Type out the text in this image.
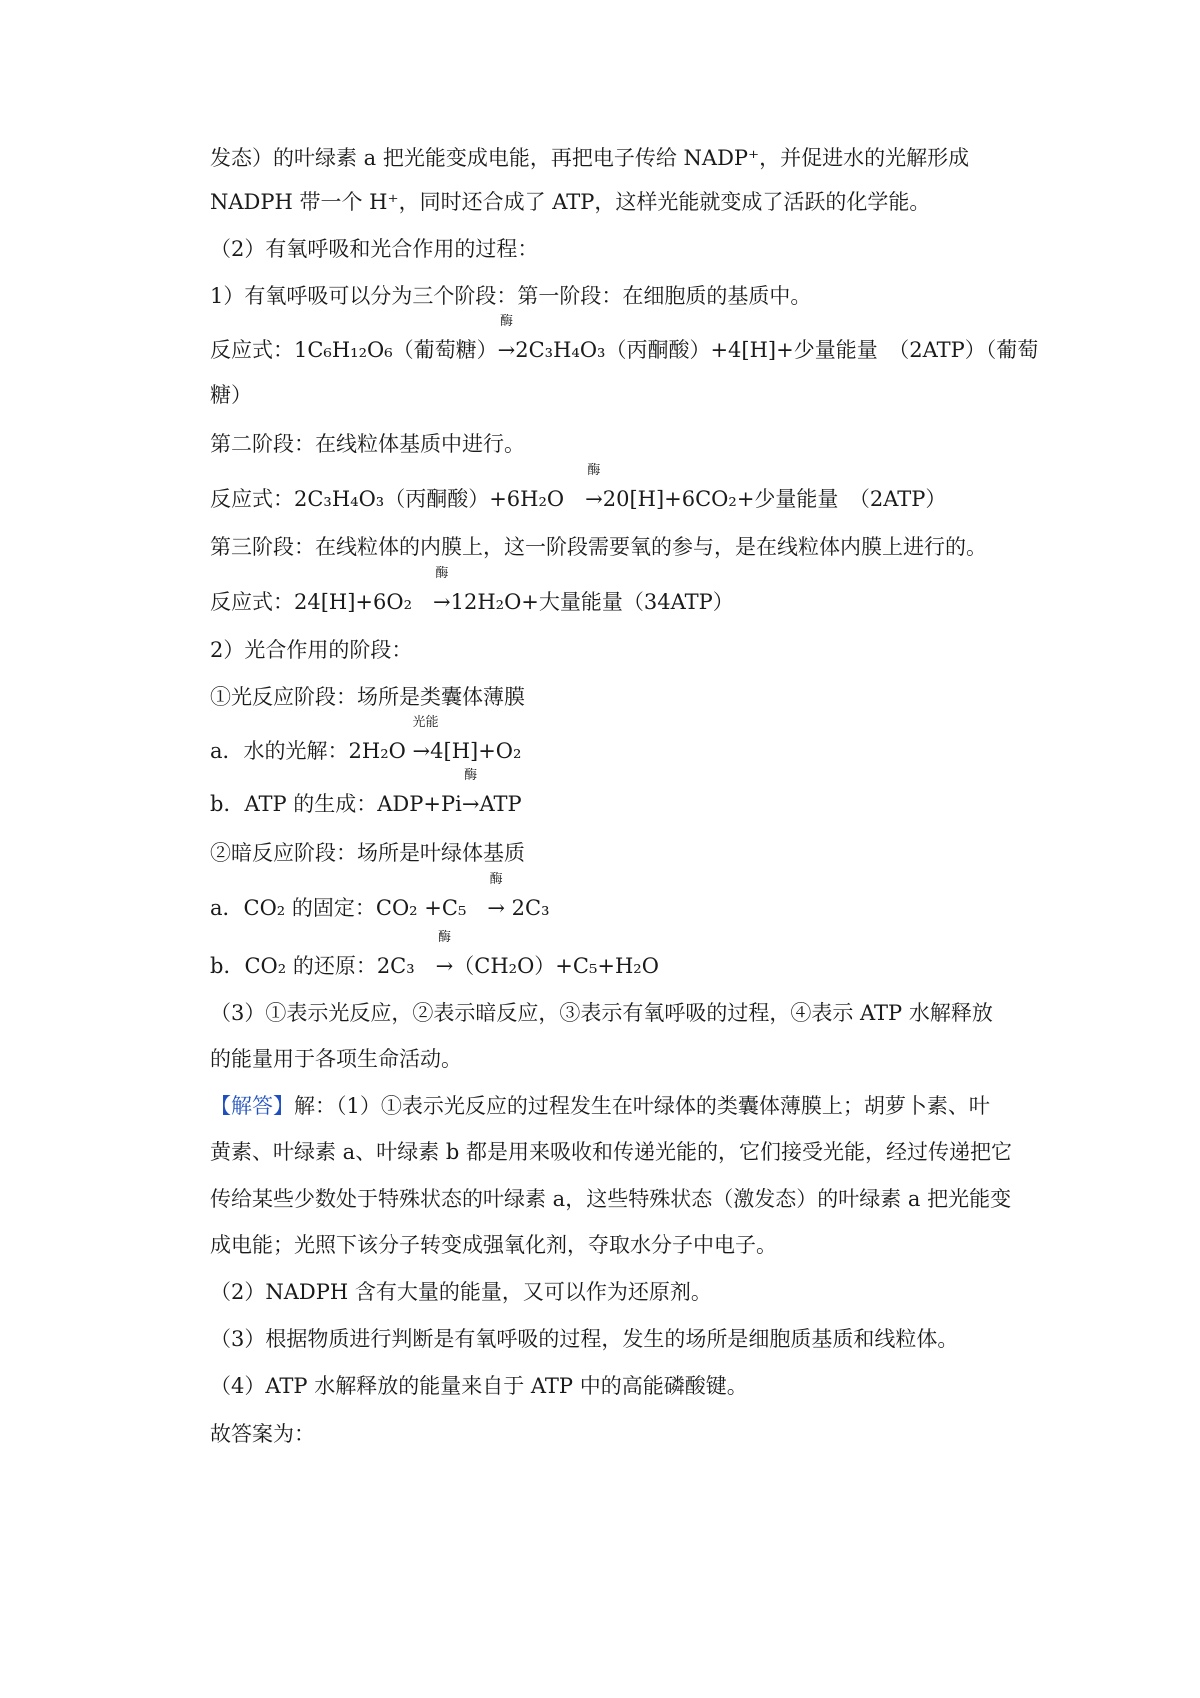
发态）的叶绿素 a 把光能变成电能，再把电子传给 NADP⁺，并促进水的光解形成
NADPH 带一个 H⁺，同时还合成了 ATP，这样光能就变成了活跃的化学能。
（2）有氧呼吸和光合作用的过程：
1）有氧呼吸可以分为三个阶段：第一阶段：在细胞质的基质中。
反应式：1C₆H₁₂O₆（葡萄糖）
酶
→2C₃H₄O₃（丙酮酸）+4[H]+少量能量　（2ATP）（葡萄
糖）
第二阶段：在线粒体基质中进行。
反应式：2C₃H₄O₃（丙酮酸）+6H₂O　
酶
→20[H]+6CO₂+少量能量　（2ATP）
第三阶段：在线粒体的内膜上，这一阶段需要氧的参与，是在线粒体内膜上进行的。
反应式：24[H]+6O₂　
酶
→12H₂O+大量能量（34ATP）
2）光合作用的阶段：
①光反应阶段：场所是类囊体薄膜
a．水的光解：2H₂O
光能
→4[H]+O₂
b．ATP 的生成：ADP+Pi
酶
→ATP
②暗反应阶段：场所是叶绿体基质
a．CO₂ 的固定：CO₂ +C₅　
酶
→ 2C₃
b．CO₂ 的还原：2C₃　
酶
→（CH₂O）+C₅+H₂O
（3）①表示光反应，②表示暗反应，③表示有氧呼吸的过程，④表示 ATP 水解释放
的能量用于各项生命活动。
【解答】解：（1）①表示光反应的过程发生在叶绿体的类囊体薄膜上；胡萝卜素、叶
黄素、叶绿素 a、叶绿素 b 都是用来吸收和传递光能的，它们接受光能，经过传递把它
传给某些少数处于特殊状态的叶绿素 a，这些特殊状态（激发态）的叶绿素 a 把光能变
成电能；光照下该分子转变成强氧化剂，夺取水分子中电子。
（2）NADPH 含有大量的能量，又可以作为还原剂。
（3）根据物质进行判断是有氧呼吸的过程，发生的场所是细胞质基质和线粒体。
（4）ATP 水解释放的能量来自于 ATP 中的高能磷酸键。
故答案为：
